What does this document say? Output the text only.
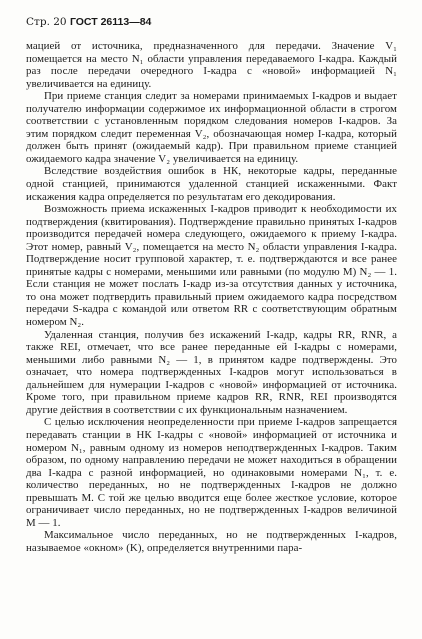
Стр. 20 ГОСТ 26113—84

мацией от источника, предназначенного для передачи. Значение V₁ помещается на место N₁ области управления передаваемого I-кадра. Каждый раз после передачи очередного I-кадра с «новой» информацией N₁ увеличивается на единицу.

При приеме станция следит за номерами принимаемых I-кадров и выдает получателю информации содержимое их информационной области в строгом соответствии с установленным порядком следования номеров I-кадров. За этим порядком следит переменная V₂, обозначающая номер I-кадра, который должен быть принят (ожидаемый кадр). При правильном приеме станцией ожидаемого кадра значение V₂ увеличивается на единицу.

Вследствие воздействия ошибок в НК, некоторые кадры, переданные одной станцией, принимаются удаленной станцией искаженными. Факт искажения кадра определяется по результатам его декодирования.

Возможность приема искаженных I-кадров приводит к необходимости их подтверждения (квитирования). Подтверждение правильно принятых I-кадров производится передачей номера следующего, ожидаемого к приему I-кадра. Этот номер, равный V₂, помещается на место N₂ области управления I-кадра. Подтверждение носит групповой характер, т. е. подтверждаются и все ранее принятые кадры с номерами, меньшими или равными (по модулю M) N₂ — 1. Если станция не может послать I-кадр из-за отсутствия данных у источника, то она может подтвердить правильный прием ожидаемого кадра посредством передачи S-кадра с командой или ответом RR с соответствующим обратным номером N₂.

Удаленная станция, получив без искажений I-кадр, кадры RR, RNR, а также REI, отмечает, что все ранее переданные ей I-кадры с номерами, меньшими либо равными N₂ — 1, в принятом кадре подтверждены. Это означает, что номера подтвержденных I-кадров могут использоваться в дальнейшем для нумерации I-кадров с «новой» информацией от источника. Кроме того, при правильном приеме кадров RR, RNR, REI производятся другие действия в соответствии с их функциональным назначением.

С целью исключения неопределенности при приеме I-кадров запрещается передавать станции в НК I-кадры с «новой» информацией от источника и номером N₁, равным одному из номеров неподтвержденных I-кадров. Таким образом, по одному направлению передачи не может находиться в обращении два I-кадра с разной информацией, но одинаковыми номерами N₁, т. е. количество переданных, но не подтвержденных I-кадров не должно превышать M. С той же целью вводится еще более жесткое условие, которое ограничивает число переданных, но не подтвержденных I-кадров величиной M — 1.

Максимальное число переданных, но не подтвержденных I-кадров, называемое «окном» (K), определяется внутренними пара-
